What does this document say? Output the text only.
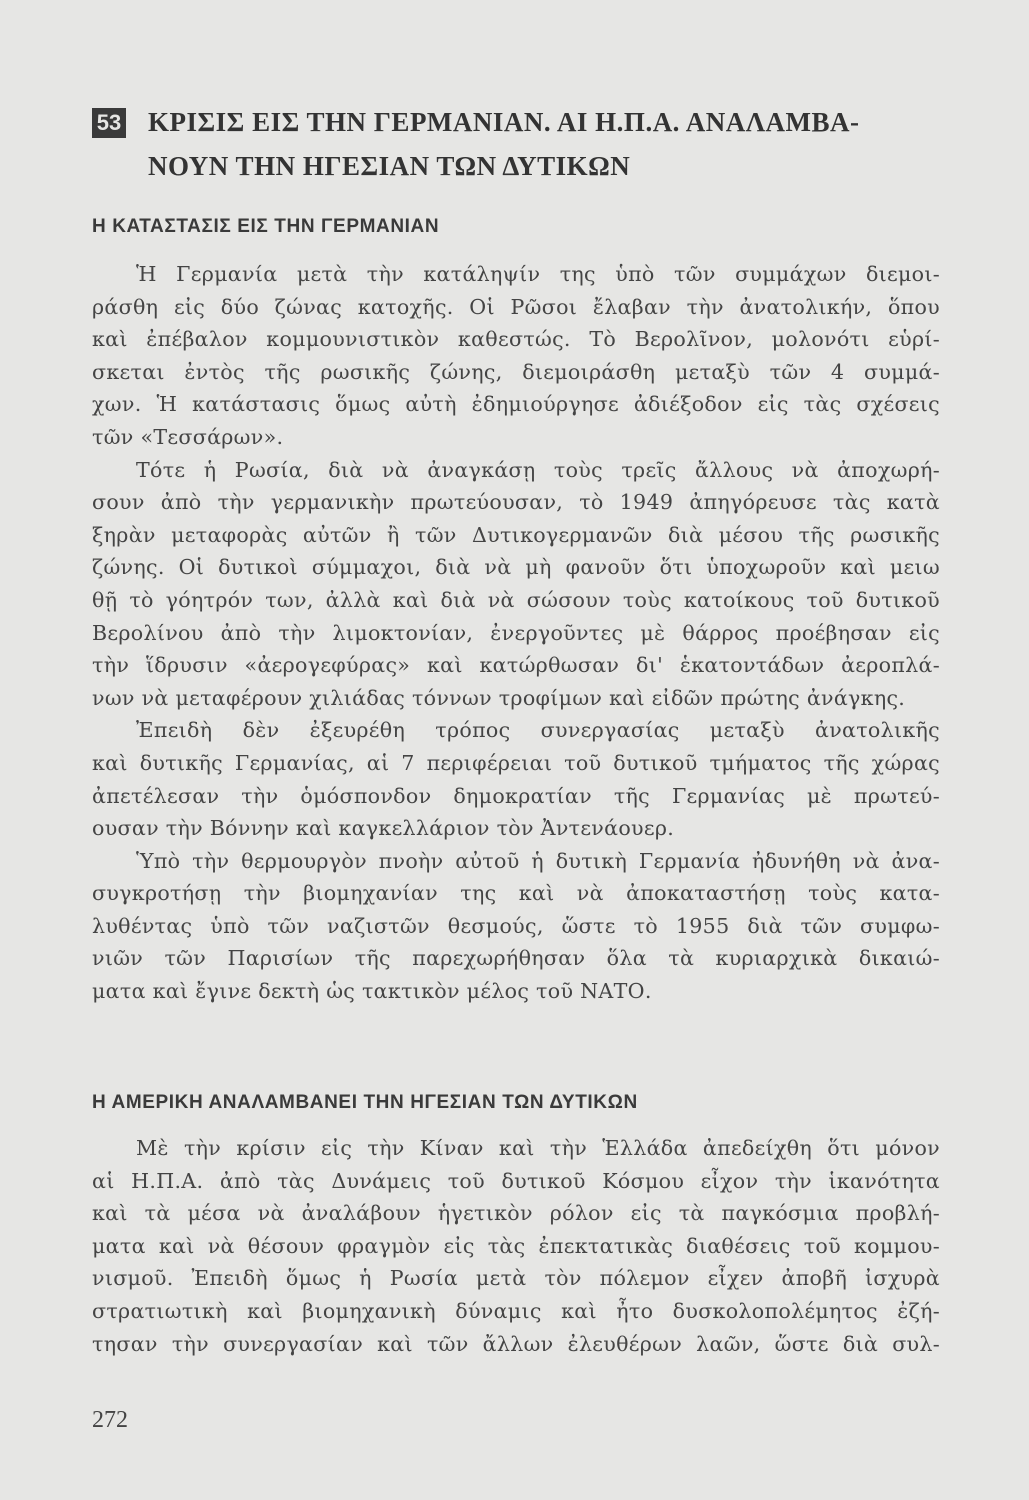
53 ΚΡΙΣΙΣ ΕΙΣ ΤΗΝ ΓΕΡΜΑΝΙΑΝ. ΑΙ Η.Π.Α. ΑΝΑΛΑΜΒΑ-
ΝΟΥΝ ΤΗΝ ΗΓΕΣΙΑΝ ΤΩΝ ΔΥΤΙΚΩΝ
Η ΚΑΤΑΣΤΑΣΙΣ ΕΙΣ ΤΗΝ ΓΕΡΜΑΝΙΑΝ
Ἡ Γερμανία μετὰ τὴν κατάληψίν της ὑπὸ τῶν συμμάχων διεμοι-
ράσθη εἰς δύο ζώνας κατοχῆς. Οἱ Ρῶσοι ἔλαβαν τὴν ἀνατολικήν, ὅπου
καὶ ἐπέβαλον κομμουνιστικὸν καθεστώς. Τὸ Βερολῖνον, μολονότι εὑρί-
σκεται ἐντὸς τῆς ρωσικῆς ζώνης, διεμοιράσθη μεταξὺ τῶν 4 συμμά-
χων. Ἡ κατάστασις ὅμως αὐτὴ ἐδημιούργησε ἀδιέξοδον εἰς τὰς σχέσεις
τῶν «Τεσσάρων».
Τότε ἡ Ρωσία, διὰ νὰ ἀναγκάσῃ τοὺς τρεῖς ἄλλους νὰ ἀποχωρή-
σουν ἀπὸ τὴν γερμανικὴν πρωτεύουσαν, τὸ 1949 ἀπηγόρευσε τὰς κατὰ
ξηρὰν μεταφορὰς αὐτῶν ἢ τῶν Δυτικογερμανῶν διὰ μέσου τῆς ρωσικῆς
ζώνης. Οἱ δυτικοὶ σύμμαχοι, διὰ νὰ μὴ φανοῦν ὅτι ὑποχωροῦν καὶ μειω
θῇ τὸ γόητρόν των, ἀλλὰ καὶ διὰ νὰ σώσουν τοὺς κατοίκους τοῦ δυτικοῦ
Βερολίνου ἀπὸ τὴν λιμοκτονίαν, ἐνεργοῦντες μὲ θάρρος προέβησαν εἰς
τὴν ἵδρυσιν «ἀερογεφύρας» καὶ κατώρθωσαν δι' ἑκατοντάδων ἀεροπλά-
νων νὰ μεταφέρουν χιλιάδας τόννων τροφίμων καὶ εἰδῶν πρώτης ἀνάγκης.
Ἐπειδὴ δὲν ἐξευρέθη τρόπος συνεργασίας μεταξὺ ἀνατολικῆς
καὶ δυτικῆς Γερμανίας, αἱ 7 περιφέρειαι τοῦ δυτικοῦ τμήματος τῆς χώρας
ἀπετέλεσαν τὴν ὁμόσπονδον δημοκρατίαν τῆς Γερμανίας μὲ πρωτεύ-
ουσαν τὴν Βόννην καὶ καγκελλάριον τὸν Ἀντενάουερ.
Ὑπὸ τὴν θερμουργὸν πνοὴν αὐτοῦ ἡ δυτικὴ Γερμανία ἠδυνήθη νὰ ἀνα-
συγκροτήσῃ τὴν βιομηχανίαν της καὶ νὰ ἀποκαταστήσῃ τοὺς κατα-
λυθέντας ὑπὸ τῶν ναζιστῶν θεσμούς, ὥστε τὸ 1955 διὰ τῶν συμφω-
νιῶν τῶν Παρισίων τῆς παρεχωρήθησαν ὅλα τὰ κυριαρχικὰ δικαιώ-
ματα καὶ ἔγινε δεκτὴ ὡς τακτικὸν μέλος τοῦ ΝΑΤΟ.
Η ΑΜΕΡΙΚΗ ΑΝΑΛΑΜΒΑΝΕΙ ΤΗΝ ΗΓΕΣΙΑΝ ΤΩΝ ΔΥΤΙΚΩΝ
Μὲ τὴν κρίσιν εἰς τὴν Κίναν καὶ τὴν Ἑλλάδα ἀπεδείχθη ὅτι μόνον
αἱ Η.Π.Α. ἀπὸ τὰς Δυνάμεις τοῦ δυτικοῦ Κόσμου εἶχον τὴν ἱκανότητα
καὶ τὰ μέσα νὰ ἀναλάβουν ἡγετικὸν ρόλον εἰς τὰ παγκόσμια προβλή-
ματα καὶ νὰ θέσουν φραγμὸν εἰς τὰς ἐπεκτατικὰς διαθέσεις τοῦ κομμου-
νισμοῦ. Ἐπειδὴ ὅμως ἡ Ρωσία μετὰ τὸν πόλεμον εἶχεν ἀποβῆ ἰσχυρὰ
στρατιωτικὴ καὶ βιομηχανικὴ δύναμις καὶ ἦτο δυσκολοπολέμητος ἐζή-
τησαν τὴν συνεργασίαν καὶ τῶν ἄλλων ἐλευθέρων λαῶν, ὥστε διὰ συλ-
272
